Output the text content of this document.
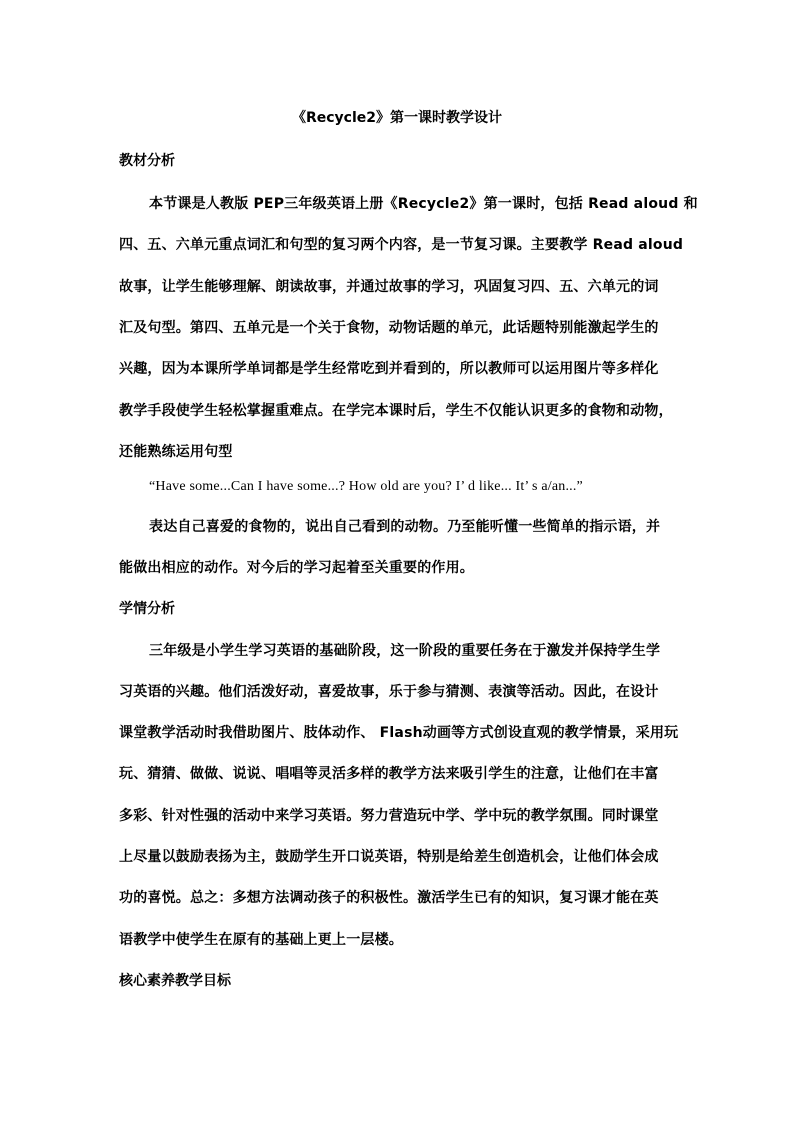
《Recycle2》第一课时教学设计
教材分析
本节课是人教版 PEP三年级英语上册《Recycle2》第一课时，包括 Read aloud 和
四、五、六单元重点词汇和句型的复习两个内容，是一节复习课。主要教学 Read aloud
故事，让学生能够理解、朗读故事，并通过故事的学习，巩固复习四、五、六单元的词
汇及句型。第四、五单元是一个关于食物，动物话题的单元，此话题特别能激起学生的
兴趣，因为本课所学单词都是学生经常吃到并看到的，所以教师可以运用图片等多样化
教学手段使学生轻松掌握重难点。在学完本课时后，学生不仅能认识更多的食物和动物，
还能熟练运用句型
“Have some...Can I have some...? How old are you? I’ d like... It’ s a/an...”
表达自己喜爱的食物的，说出自己看到的动物。乃至能听懂一些简单的指示语，并
能做出相应的动作。对今后的学习起着至关重要的作用。
学情分析
三年级是小学生学习英语的基础阶段，这一阶段的重要任务在于激发并保持学生学
习英语的兴趣。他们活泼好动，喜爱故事，乐于参与猜测、表演等活动。因此，在设计
课堂教学活动时我借助图片、肢体动作、 Flash动画等方式创设直观的教学情景，采用玩
玩、猜猜、做做、说说、唱唱等灵活多样的教学方法来吸引学生的注意，让他们在丰富
多彩、针对性强的活动中来学习英语。努力营造玩中学、学中玩的教学氛围。同时课堂
上尽量以鼓励表扬为主，鼓励学生开口说英语，特别是给差生创造机会，让他们体会成
功的喜悦。总之：多想方法调动孩子的积极性。激活学生已有的知识，复习课才能在英
语教学中使学生在原有的基础上更上一层楼。
核心素养教学目标
